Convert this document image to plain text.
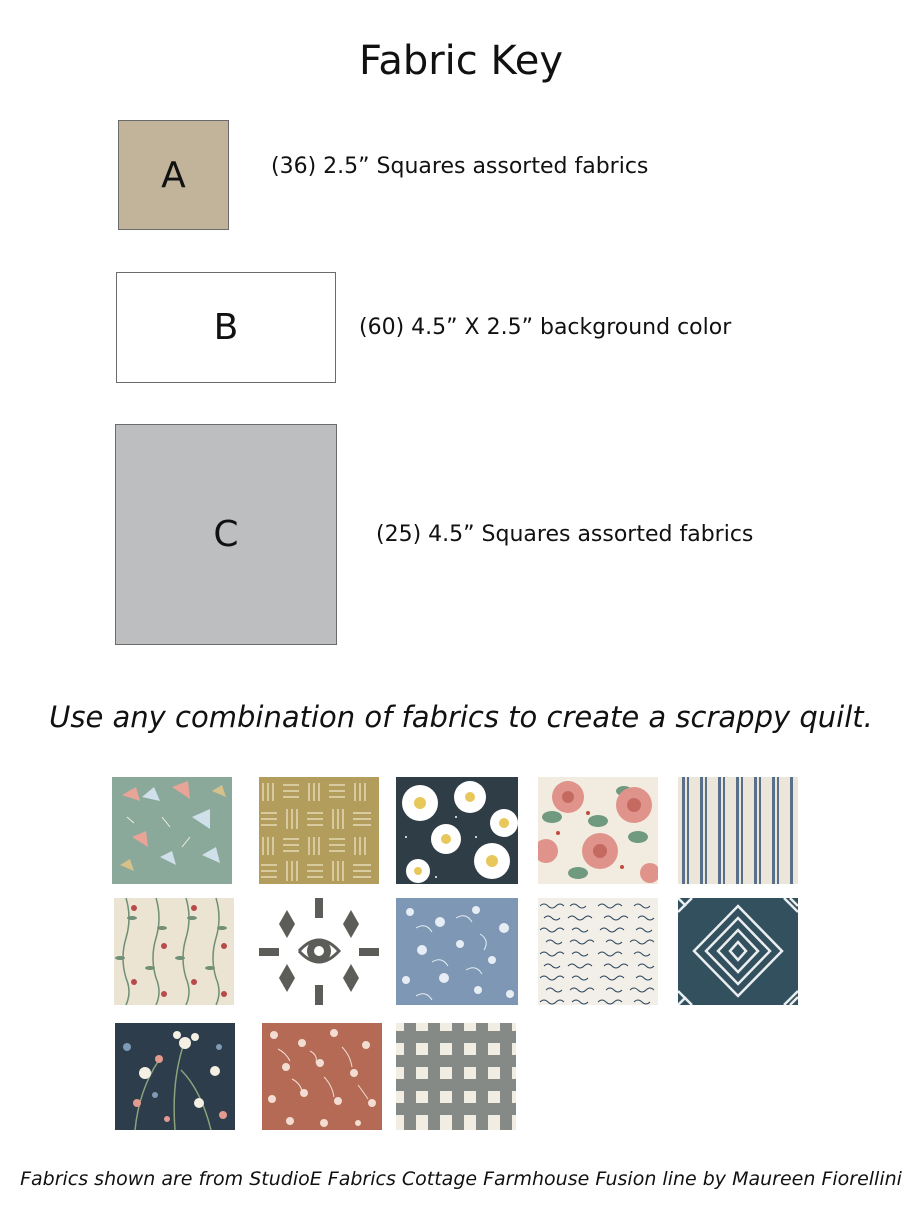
Fabric Key
A	(36) 2.5” Squares assorted fabrics
B	(60) 4.5” X 2.5” background color
C	(25) 4.5” Squares assorted fabrics
Use any combination of fabrics to create a scrappy quilt.
Fabrics shown are from StudioE Fabrics Cottage Farmhouse Fusion line by Maureen Fiorellini
